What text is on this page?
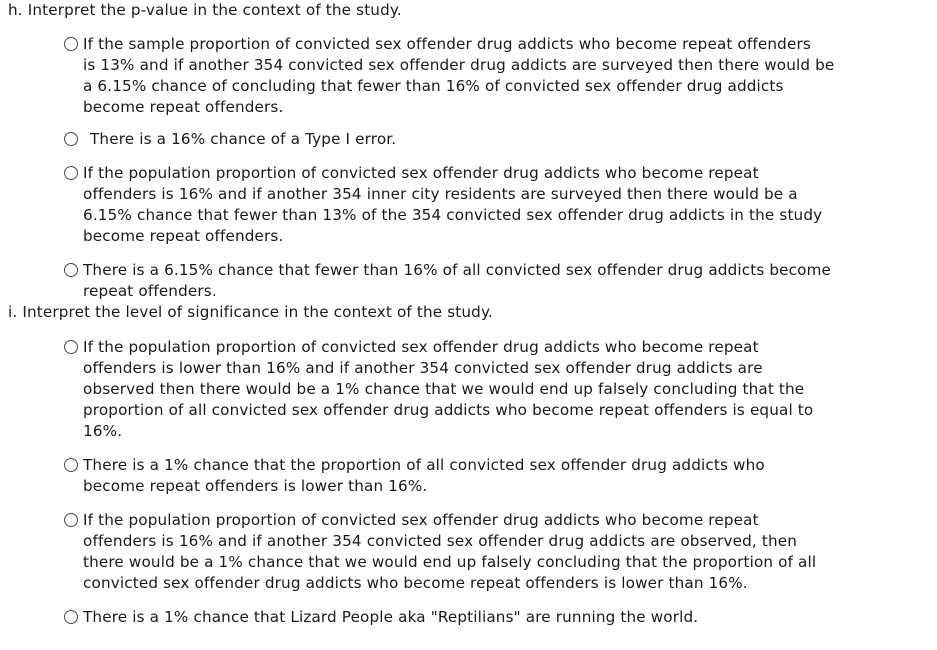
h. Interpret the p-value in the context of the study.
If the sample proportion of convicted sex offender drug addicts who become repeat offenders
is 13% and if another 354 convicted sex offender drug addicts are surveyed then there would be
a 6.15% chance of concluding that fewer than 16% of convicted sex offender drug addicts
become repeat offenders.
There is a 16% chance of a Type I error.
If the population proportion of convicted sex offender drug addicts who become repeat
offenders is 16% and if another 354 inner city residents are surveyed then there would be a
6.15% chance that fewer than 13% of the 354 convicted sex offender drug addicts in the study
become repeat offenders.
There is a 6.15% chance that fewer than 16% of all convicted sex offender drug addicts become
repeat offenders.
i. Interpret the level of significance in the context of the study.
If the population proportion of convicted sex offender drug addicts who become repeat
offenders is lower than 16% and if another 354 convicted sex offender drug addicts are
observed then there would be a 1% chance that we would end up falsely concluding that the
proportion of all convicted sex offender drug addicts who become repeat offenders is equal to
16%.
There is a 1% chance that the proportion of all convicted sex offender drug addicts who
become repeat offenders is lower than 16%.
If the population proportion of convicted sex offender drug addicts who become repeat
offenders is 16% and if another 354 convicted sex offender drug addicts are observed, then
there would be a 1% chance that we would end up falsely concluding that the proportion of all
convicted sex offender drug addicts who become repeat offenders is lower than 16%.
There is a 1% chance that Lizard People aka "Reptilians" are running the world.
